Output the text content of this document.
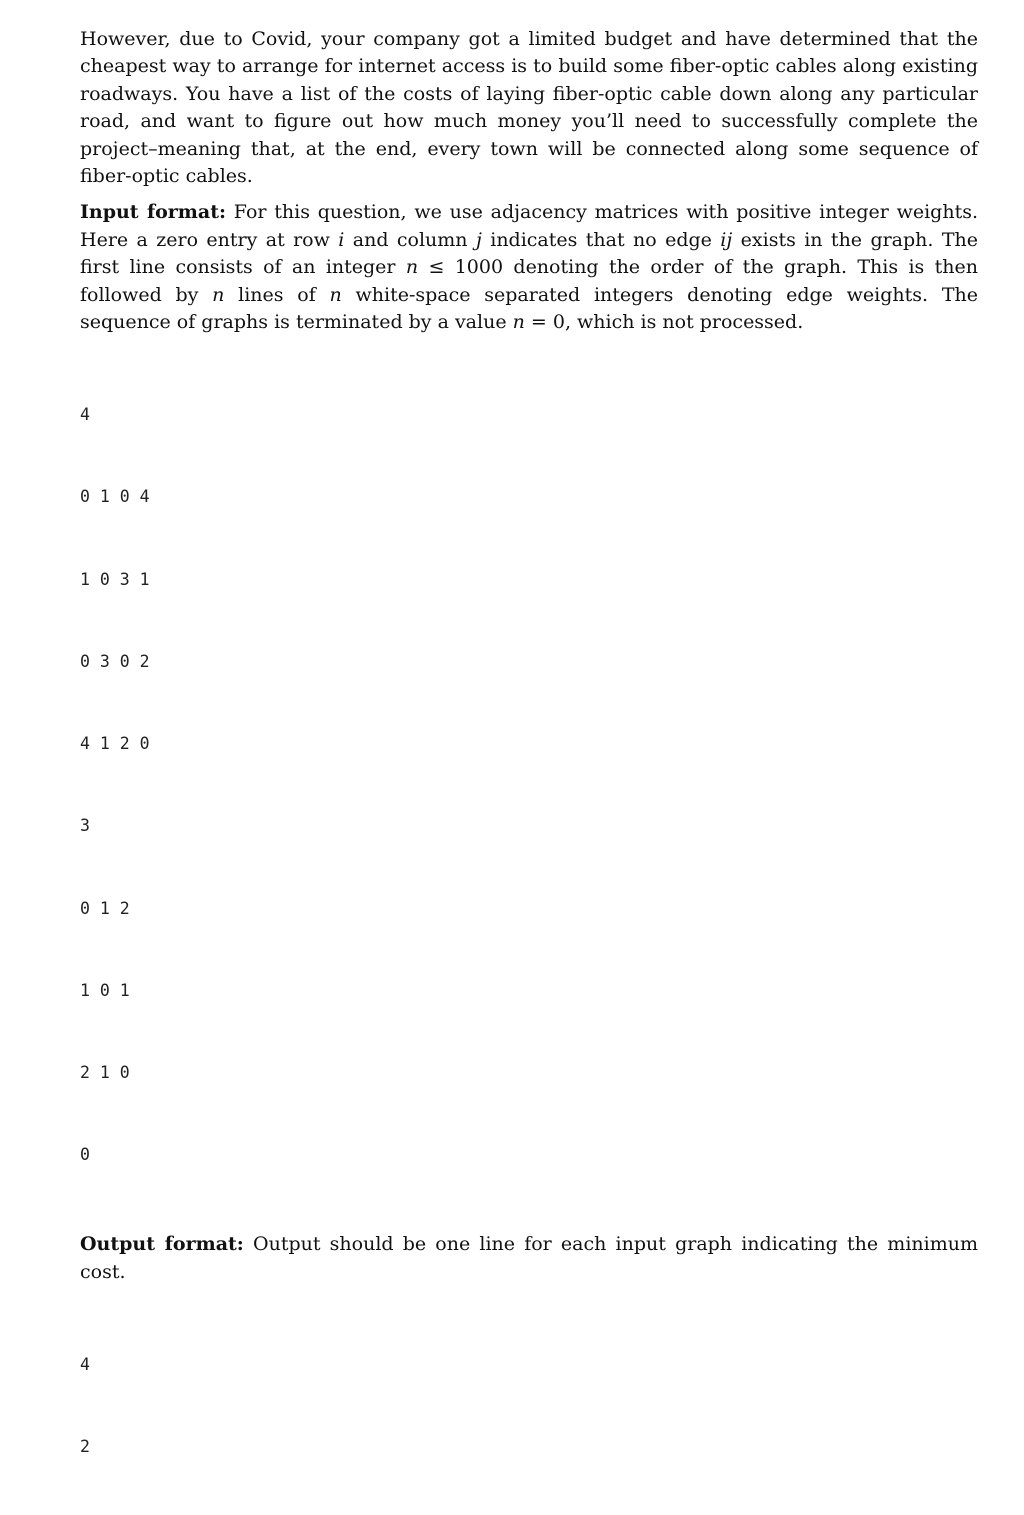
However, due to Covid, your company got a limited budget and have determined that the cheapest way to arrange for internet access is to build some fiber-optic cables along existing roadways. You have a list of the costs of laying fiber-optic cable down along any particular road, and want to figure out how much money you’ll need to successfully complete the project–meaning that, at the end, every town will be connected along some sequence of fiber-optic cables.

Input format: For this question, we use adjacency matrices with positive integer weights. Here a zero entry at row i and column j indicates that no edge ij exists in the graph. The first line consists of an integer n ≤ 1000 denoting the order of the graph. This is then followed by n lines of n white-space separated integers denoting edge weights. The sequence of graphs is terminated by a value n = 0, which is not processed.

4

0 1 0 4

1 0 3 1

0 3 0 2

4 1 2 0

3

0 1 2

1 0 1

2 1 0

0

Output format: Output should be one line for each input graph indicating the minimum cost.

4

2
